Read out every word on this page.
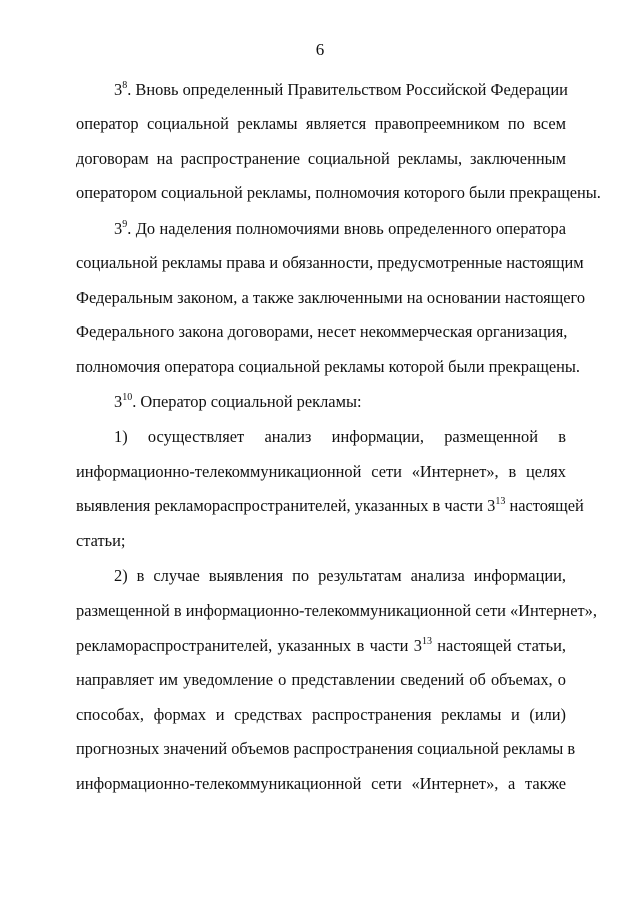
6
$3^8$. Вновь определенный Правительством Российской Федерации
оператор социальной рекламы является правопреемником по всем
договорам на распространение социальной рекламы, заключенным
оператором социальной рекламы, полномочия которого были прекращены.
$3^9$. До наделения полномочиями вновь определенного оператора
социальной рекламы права и обязанности, предусмотренные настоящим
Федеральным законом, а также заключенными на основании настоящего
Федерального закона договорами, несет некоммерческая организация,
полномочия оператора социальной рекламы которой были прекращены.
$3^{10}$. Оператор социальной рекламы:
1) осуществляет анализ информации, размещенной в
информационно-телекоммуникационной сети «Интернет», в целях
выявления рекламораспространителей, указанных в части $3^{13}$ настоящей
статьи;
2) в случае выявления по результатам анализа информации,
размещенной в информационно-телекоммуникационной сети «Интернет»,
рекламораспространителей, указанных в части $3^{13}$ настоящей статьи,
направляет им уведомление о представлении сведений об объемах, о
способах, формах и средствах распространения рекламы и (или)
прогнозных значений объемов распространения социальной рекламы в
информационно-телекоммуникационной сети «Интернет», а также
